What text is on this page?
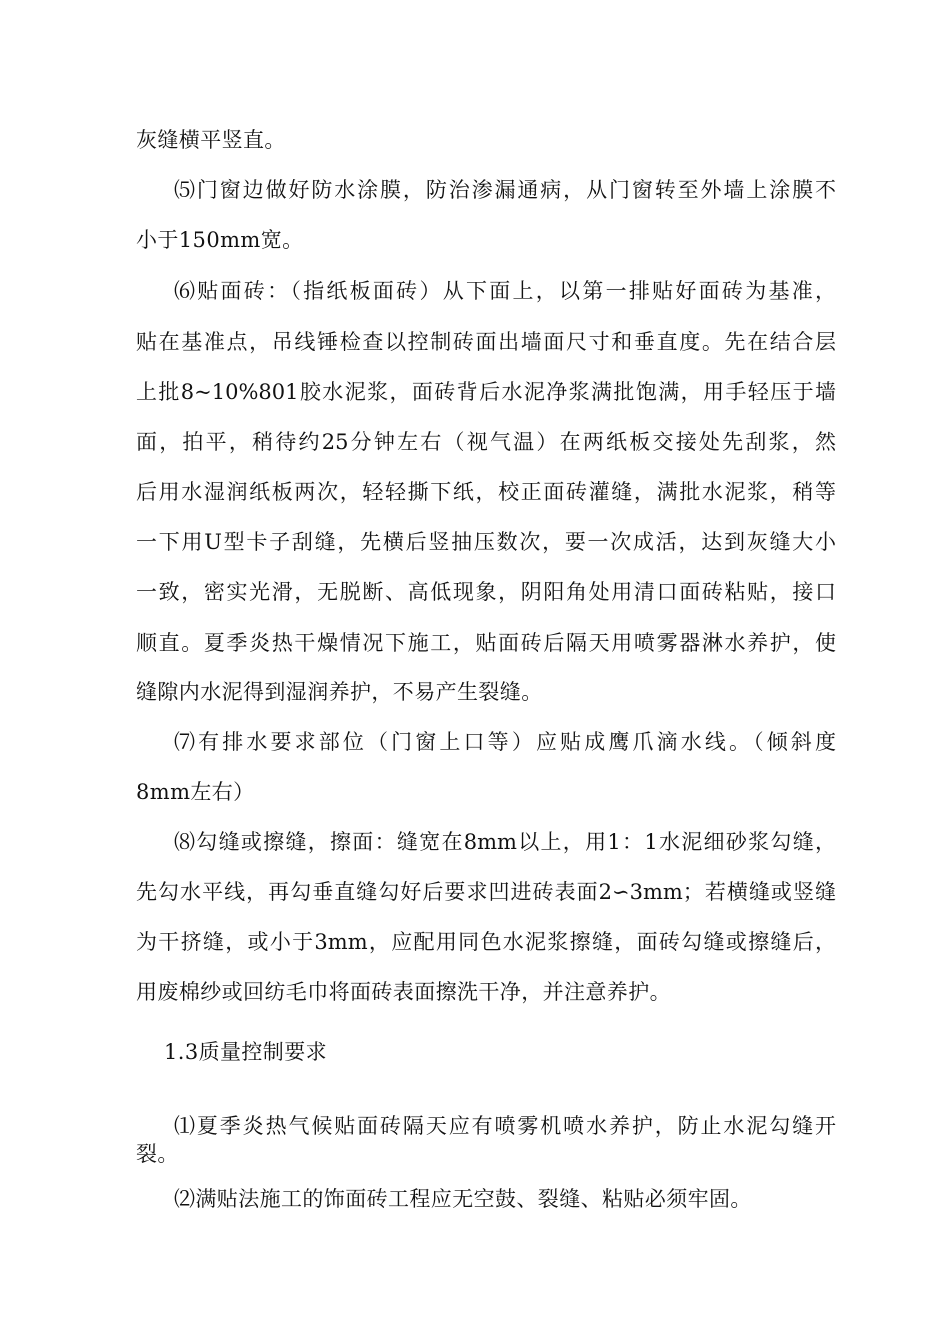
灰缝横平竖直。
⑸门窗边做好防水涂膜，防治渗漏通病，从门窗转至外墙上涂膜不
小于150mm宽。
⑹贴面砖：（指纸板面砖）从下面上，以第一排贴好面砖为基准，
贴在基准点，吊线锤检查以控制砖面出墙面尺寸和垂直度。先在结合层
上批8~10%801胶水泥浆，面砖背后水泥净浆满批饱满，用手轻压于墙
面，拍平，稍待约25分钟左右（视气温）在两纸板交接处先刮浆，然
后用水湿润纸板两次，轻轻撕下纸，校正面砖灌缝，满批水泥浆，稍等
一下用U型卡子刮缝，先横后竖抽压数次，要一次成活，达到灰缝大小
一致，密实光滑，无脱断、高低现象，阴阳角处用清口面砖粘贴，接口
顺直。夏季炎热干燥情况下施工，贴面砖后隔天用喷雾器淋水养护，使
缝隙内水泥得到湿润养护，不易产生裂缝。
⑺有排水要求部位（门窗上口等）应贴成鹰爪滴水线。（倾斜度
8mm左右）
⑻勾缝或擦缝，擦面：缝宽在8mm以上，用1：1水泥细砂浆勾缝，
先勾水平线，再勾垂直缝勾好后要求凹进砖表面2∽3mm；若横缝或竖缝
为干挤缝，或小于3mm，应配用同色水泥浆擦缝，面砖勾缝或擦缝后，
用废棉纱或回纺毛巾将面砖表面擦洗干净，并注意养护。
1.3质量控制要求
⑴夏季炎热气候贴面砖隔天应有喷雾机喷水养护，防止水泥勾缝开
裂。
⑵满贴法施工的饰面砖工程应无空鼓、裂缝、粘贴必须牢固。
